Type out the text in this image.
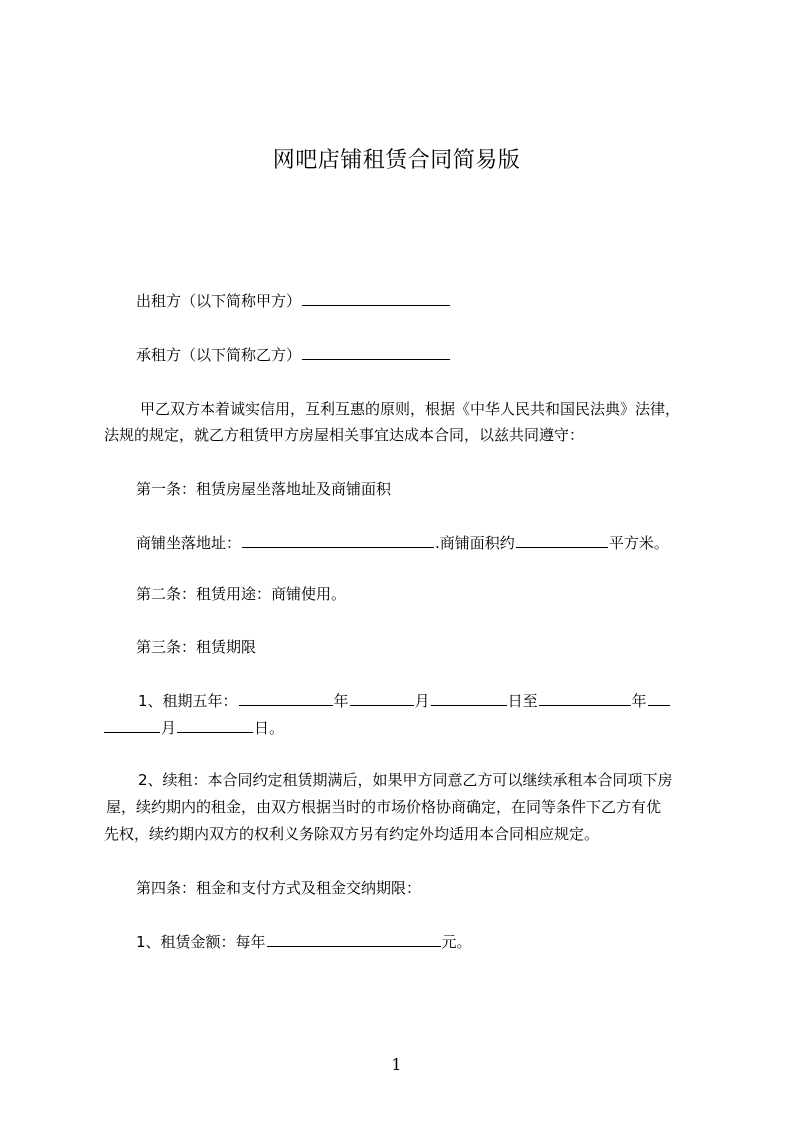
网吧店铺租赁合同简易版
出租方（以下简称甲方）
承租方（以下简称乙方）
甲乙双方本着诚实信用，互利互惠的原则，根据《中华人民共和国民法典》法律，
法规的规定，就乙方租赁甲方房屋相关事宜达成本合同，以兹共同遵守：
第一条：租赁房屋坐落地址及商铺面积
商铺坐落地址：	.商铺面积约	平方米。
第二条：租赁用途：商铺使用。
第三条：租赁期限
1、租期五年：	年	月	日至	年
月	日。
2、续租：本合同约定租赁期满后，如果甲方同意乙方可以继续承租本合同项下房
屋，续约期内的租金，由双方根据当时的市场价格协商确定，在同等条件下乙方有优
先权，续约期内双方的权利义务除双方另有约定外均适用本合同相应规定。
第四条：租金和支付方式及租金交纳期限：
1、租赁金额：每年	元。
1
